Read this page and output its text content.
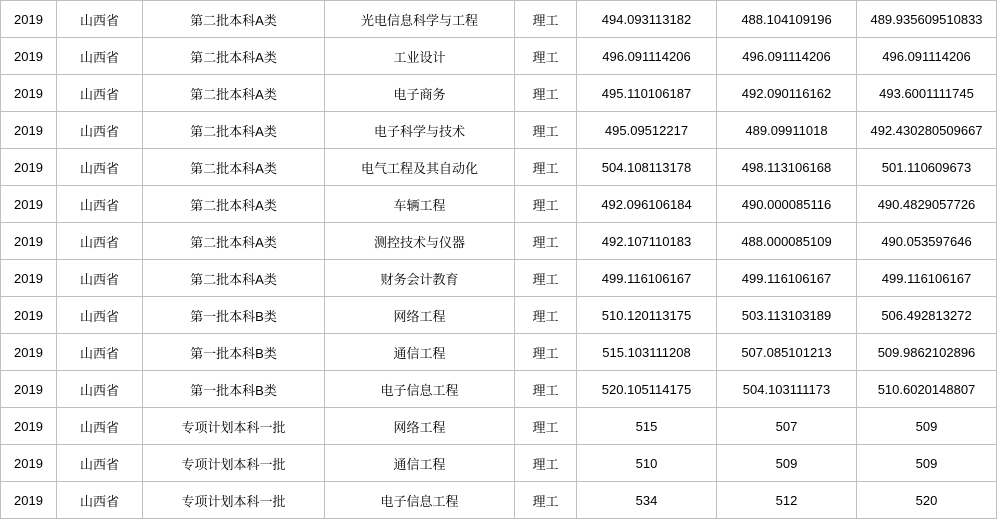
2019	山西省	第二批本科A类	光电信息科学与工程	理工	494.093113182	488.104109196	489.935609510833
2019	山西省	第二批本科A类	工业设计	理工	496.091114206	496.091114206	496.091114206
2019	山西省	第二批本科A类	电子商务	理工	495.110106187	492.090116162	493.6001111745
2019	山西省	第二批本科A类	电子科学与技术	理工	495.09512217	489.09911018	492.430280509667
2019	山西省	第二批本科A类	电气工程及其自动化	理工	504.108113178	498.113106168	501.110609673
2019	山西省	第二批本科A类	车辆工程	理工	492.096106184	490.000085116	490.4829057726
2019	山西省	第二批本科A类	测控技术与仪器	理工	492.107110183	488.000085109	490.053597646
2019	山西省	第二批本科A类	财务会计教育	理工	499.116106167	499.116106167	499.116106167
2019	山西省	第一批本科B类	网络工程	理工	510.120113175	503.113103189	506.492813272
2019	山西省	第一批本科B类	通信工程	理工	515.103111208	507.085101213	509.9862102896
2019	山西省	第一批本科B类	电子信息工程	理工	520.105114175	504.103111173	510.6020148807
2019	山西省	专项计划本科一批	网络工程	理工	515	507	509
2019	山西省	专项计划本科一批	通信工程	理工	510	509	509
2019	山西省	专项计划本科一批	电子信息工程	理工	534	512	520
